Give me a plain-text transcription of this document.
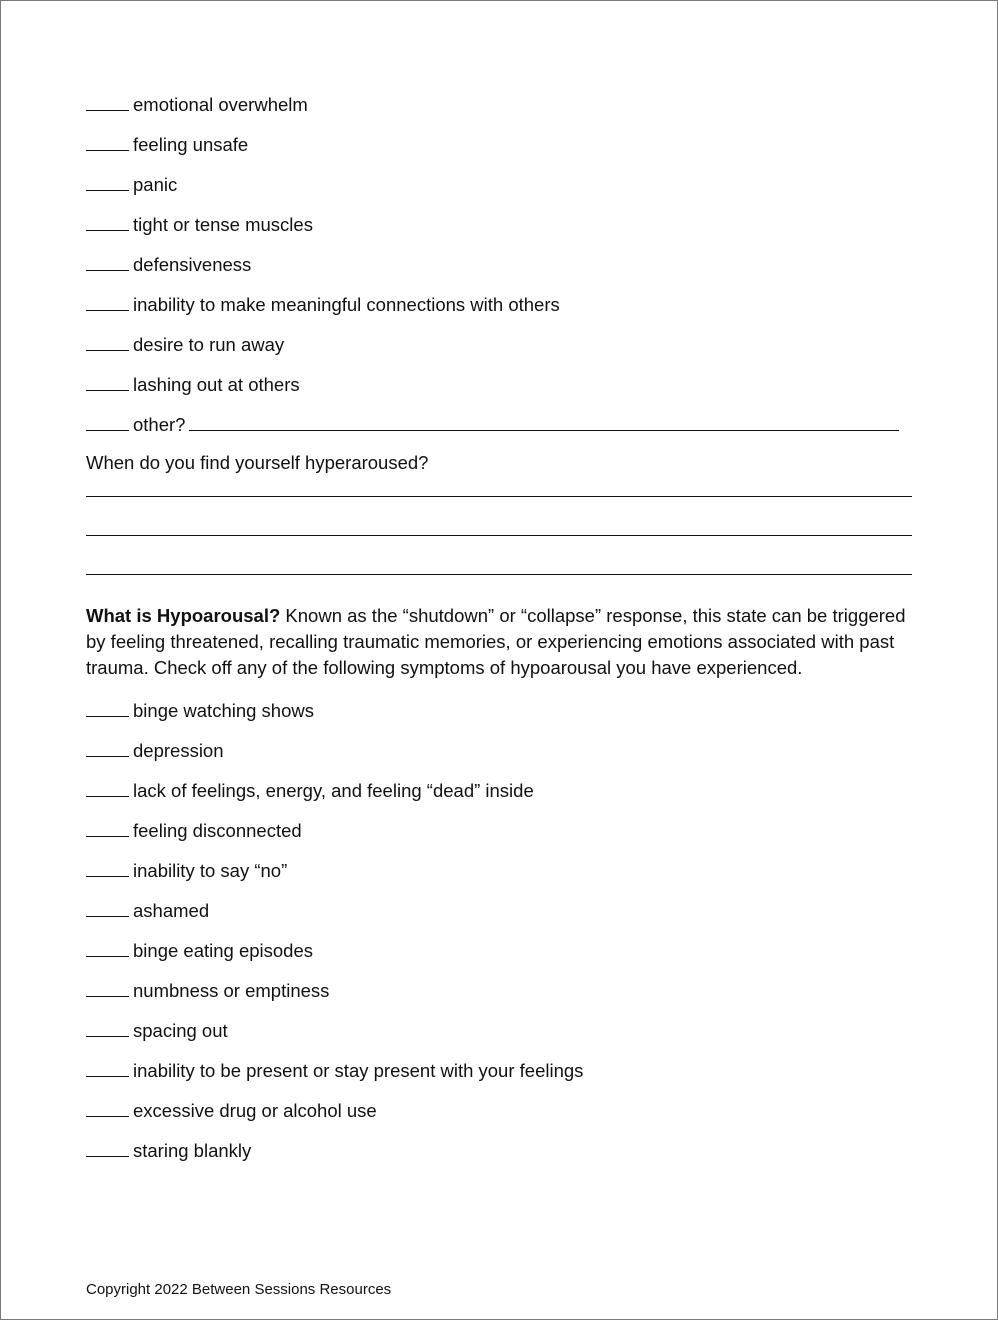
emotional overwhelm
feeling unsafe
panic
tight or tense muscles
defensiveness
inability to make meaningful connections with others
desire to run away
lashing out at others
other?
When do you find yourself hyperaroused?

What is Hypoarousal? Known as the “shutdown” or “collapse” response, this state can be triggered by feeling threatened, recalling traumatic memories, or experiencing emotions associated with past trauma. Check off any of the following symptoms of hypoarousal you have experienced.

binge watching shows
depression
lack of feelings, energy, and feeling “dead” inside
feeling disconnected
inability to say “no”
ashamed
binge eating episodes
numbness or emptiness
spacing out
inability to be present or stay present with your feelings
excessive drug or alcohol use
staring blankly
Copyright 2022 Between Sessions Resources
